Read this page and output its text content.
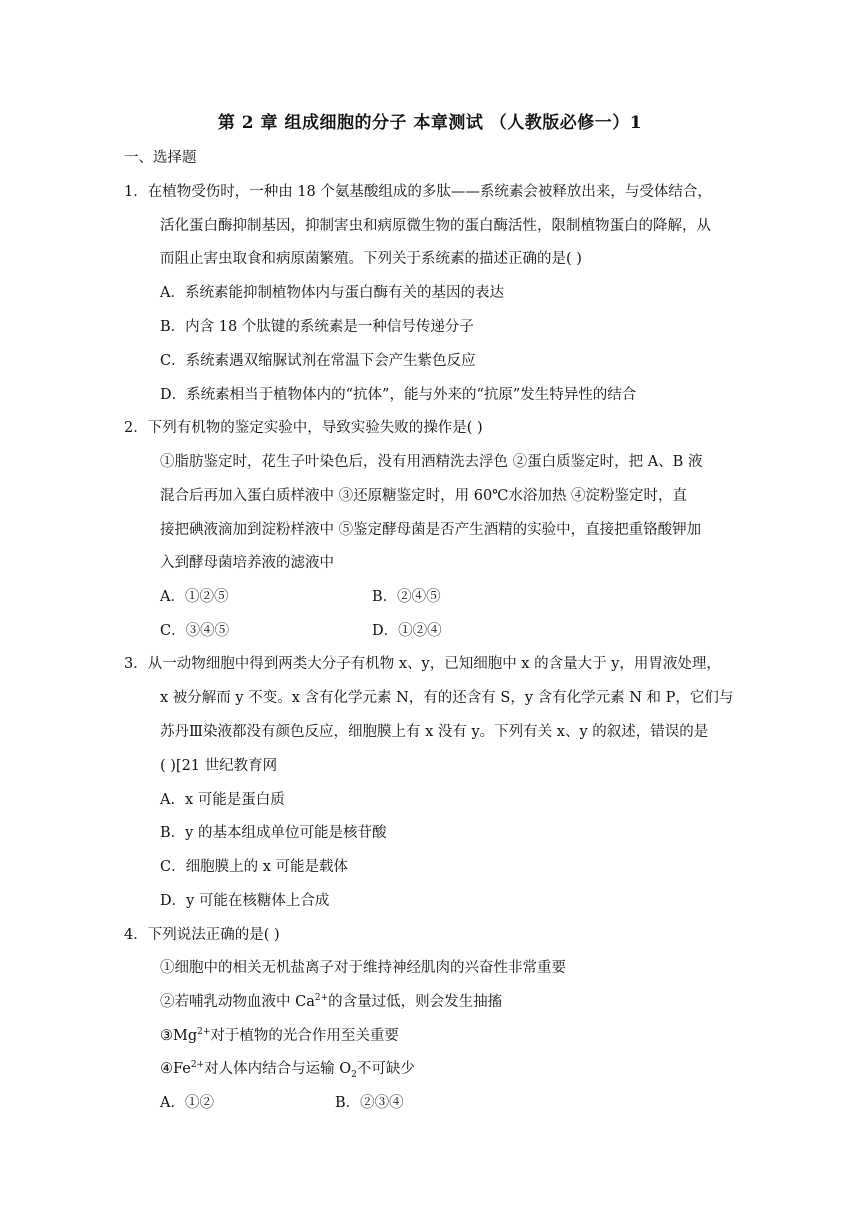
第 2 章 组成细胞的分子 本章测试 （人教版必修一）1
一、选择题
1．在植物受伤时，一种由 18 个氨基酸组成的多肽——系统素会被释放出来，与受体结合，
活化蛋白酶抑制基因，抑制害虫和病原微生物的蛋白酶活性，限制植物蛋白的降解，从
而阻止害虫取食和病原菌繁殖。下列关于系统素的描述正确的是( )
A．系统素能抑制植物体内与蛋白酶有关的基因的表达
B．内含 18 个肽键的系统素是一种信号传递分子
C．系统素遇双缩脲试剂在常温下会产生紫色反应
D．系统素相当于植物体内的“抗体”，能与外来的“抗原”发生特异性的结合
2．下列有机物的鉴定实验中，导致实验失败的操作是( )
①脂肪鉴定时，花生子叶染色后，没有用酒精洗去浮色 ②蛋白质鉴定时，把 A、B 液
混合后再加入蛋白质样液中 ③还原糖鉴定时，用 60℃水浴加热 ④淀粉鉴定时，直
接把碘液滴加到淀粉样液中 ⑤鉴定酵母菌是否产生酒精的实验中，直接把重铬酸钾加
入到酵母菌培养液的滤液中
A．①②⑤	B．②④⑤
C．③④⑤	D．①②④
3．从一动物细胞中得到两类大分子有机物 x、y，已知细胞中 x 的含量大于 y，用胃液处理，
x 被分解而 y 不变。x 含有化学元素 N，有的还含有 S，y 含有化学元素 N 和 P，它们与
苏丹Ⅲ染液都没有颜色反应，细胞膜上有 x 没有 y。下列有关 x、y 的叙述，错误的是
( )[21 世纪教育网
A．x 可能是蛋白质
B．y 的基本组成单位可能是核苷酸
C．细胞膜上的 x 可能是载体
D．y 可能在核糖体上合成
4．下列说法正确的是( )
①细胞中的相关无机盐离子对于维持神经肌肉的兴奋性非常重要
②若哺乳动物血液中 $Ca^{2+}$的含量过低，则会发生抽搐
$③Mg^{2+}$对于植物的光合作用至关重要
$④Fe^{2+}$对人体内结合与运输 $O_2$不可缺少
A．①②	B．②③④
